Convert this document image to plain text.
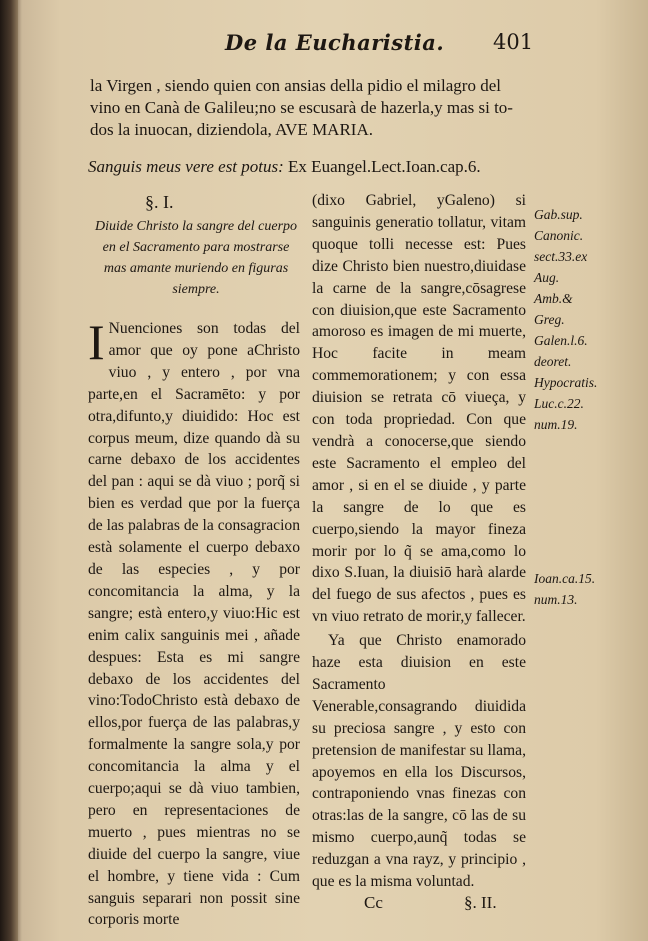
De la Eucharistia. 401
la Virgen , siendo quien con ansias della pidio el milagro del
vino en Canà de Galileu;no se escusarà de hazerla,y mas si to-
dos la inuocan, diziendola, AVE MARIA.
Sanguis meus vere est potus: Ex Euangel.Lect.Ioan.cap.6.
§. I.
Diuide Christo la sangre del cuerpo en el Sacramento para mostrarse mas amante muriendo en figuras siempre.
I Nuenciones son todas del amor que oy pone aChristo viuo , y entero , por vna parte,en el Sacramēto: y por otra,difunto,y diuidido: Hoc est corpus meum, dize quando dà su carne debaxo de los accidentes del pan : aqui se dà viuo ; porq̃ si bien es verdad que por la fuerça de las palabras de la consagracion està solamente el cuerpo debaxo de las especies , y por concomitancia la alma, y la sangre; està entero,y viuo:Hic est enim calix sanguinis mei , añade despues: Esta es mi sangre debaxo de los accidentes del vino:TodoChristo està debaxo de ellos,por fuerça de las palabras,y formalmente la sangre sola,y por concomitancia la alma y el cuerpo;aqui se dà viuo tambien, pero en representaciones de muerto , pues mientras no se diuide del cuerpo la sangre, viue el hombre, y tiene vida : Cum sanguis separari non possit sine corporis morte
(dixo Gabriel, yGaleno) si sanguinis generatio tollatur, vitam quoque tolli necesse est: Pues dize Christo bien nuestro,diuidase la carne de la sangre,cōsagrese con diuision,que este Sacramento amoroso es imagen de mi muerte, Hoc facite in meam commemorationem; y con essa diuision se retrata cō viueça, y con toda propriedad. Con que vendrà a conocerse,que siendo este Sacramento el empleo del amor , si en el se diuide , y parte la sangre de lo que es cuerpo,siendo la mayor fineza morir por lo q̃ se ama,como lo dixo S.Iuan, la diuisiō harà alarde del fuego de sus afectos , pues es vn viuo retrato de morir,y fallecer.
Ya que Christo enamorado haze esta diuision en este Sacramento Venerable,consagrando diuidida su preciosa sangre , y esto con pretension de manifestar su llama, apoyemos en ella los Discursos, contraponiendo vnas finezas con otras:las de la sangre, cō las de su mismo cuerpo,aunq̃ todas se reduzgan a vna rayz, y principio , que es la misma voluntad.
Gab.sup.
Canonic.
sect.33.ex
Aug.
Amb.&
Greg.
Galen.l.6.
deoret.
Hypocratis.
Luc.c.22.
num.19.
Ioan.ca.15.
num.13.
Cc	§. II.
